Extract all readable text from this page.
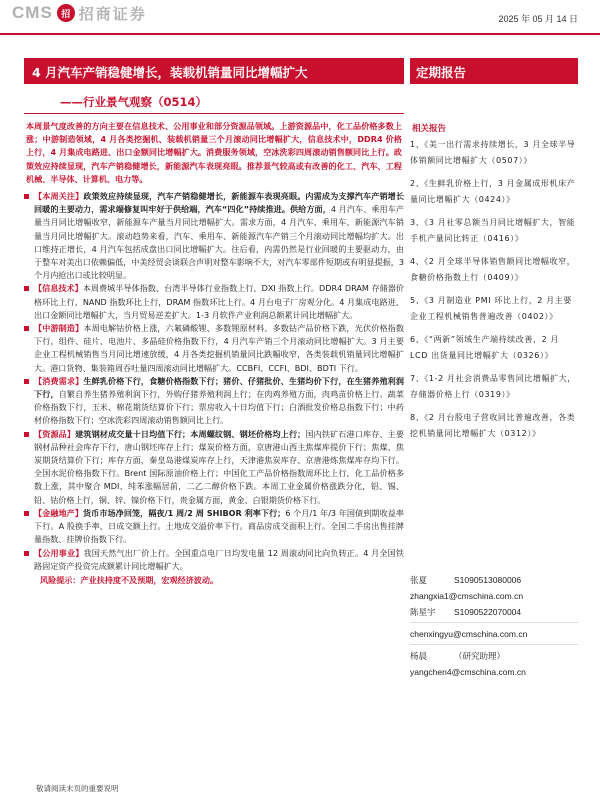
CMS 招 招商证券	2025 年 05 月 14 日
4 月汽车产销稳健增长，装载机销量同比增幅扩大
——行业景气观察（0514）
定期报告
本周景气度改善的方向主要在信息技术、公用事业和部分资源品领域。上游资源品中，化工品价格多数上涨；中游制造领域，4 月各类挖掘机、装载机销量三个月滚动同比增幅扩大，信息技术中，DDR4 价格上行，4 月集成电路进、出口金额同比增幅扩大。消费服务领域，空冰洗彩四周滚动销售额同比上行。政策效应持续显现，汽车产销稳健增长，新能源汽车表现亮眼。推荐景气较高或有改善的化工、汽车、工程机械、半导体、计算机、电力等。
【本周关注】政策效应持续显现，汽车产销稳健增长，新能源车表现亮眼。内需成为支撑汽车产销增长回暖的主要动力，需求端修复叫牢好于供给端，汽车“四化”持续推进。供给方面，4 月汽车、乘用车产量当月同比增幅收窄，新能源车产量当月同比增幅扩大。需求方面，4 月汽车、乘用车、新能源汽车销量当月同比增幅扩大。滚动趋势来看，汽车、乘用车、新能源汽车产销三个月滚动同比增幅均扩大。出口维持正增长，4 月汽车包括成盘出口同比增幅扩大。往后看，内需仍然是行业回暖的主要驱动力，由于整车对美出口依赖偏低，中美经贸会谈联合声明对整车影响不大，对汽车零部件短期或有明显提振，3 个月内抢出口或比较明显。
【信息技术】本周费城半导体指数、台湾半导体行业指数上行，DXI 指数上行。DDR4 DRAM 存储器价格环比上行，NAND 指数环比上行，DRAM 指数环比上行。4 月台电子厂房观分化。4 月集成电路进、出口金额同比增幅扩大，当月贸易逆差扩大。1-3 月软件产业利润总额累计同比增幅扩大。
【中游制造】本周电解钴价格上涨，六氟磷酸锂、多数锂原材料、多数钴产品价格下跌，光伏价格指数下行，组件、硅片、电池片、多晶硅价格指数下行，4 月汽车产销三个月滚动同比增幅扩大。3 月主要企业工程机械销售当月同比增速放缓，4 月各类挖掘机销量同比跌幅收窄，各类装载机销量同比增幅扩大。港口货物、集装箱周吞吐量四周滚动同比增幅扩大。CCBFI、CCFI、BDI、BDTI 下行。
【消费需求】生鲜乳价格下行，食糖价格指数下行；猪价、仔猪批价、生猪均价下行，在生猪养殖利润下行，自繁自养生猪养殖利润下行，外购仔猪养殖利润上行；在肉鸡养殖方面，肉鸡苗价格上行。蔬菜价格指数下行，玉米、棉花期货结算价下行；票房收入十日均值下行；白酒批发价格总指数下行；中药材价格指数下行；空冰洗彩四周滚动销售额同比上行。
【资源品】建筑钢材成交量十日均值下行；本周螺纹钢、钢坯价格均上行；国内铁矿石港口库存、主要钢材品种社会库存下行，唐山钢坯库存上行；煤炭价格方面，京唐港山西主焦煤库提价下行；焦煤、焦炭期货结算价下行；库存方面，秦皇岛港煤炭库存上行，天津港焦炭库存、京唐港炼焦煤库存均下行。全国水泥价格指数下行。Brent 国际原油价格上行；中国化工产品价格指数周环比上行，化工品价格多数上涨，其中聚合 MDI、纯苯涨幅居前，二乙二醇价格下跌。本周工业金属价格涨跌分化，铝、锡、铅、钴价格上行，铜、锌、镍价格下行，贵金属方面，黄金、白银期货价格下行。
【金融地产】货币市场净回笼，隔夜/1 周/2 周 SHIBOR 利率下行；6 个月/1 年/3 年国债到期收益率下行。A 股换手率、日成交额上行。土地成交溢价率下行。商品房成交面积上行。全国二手房出售挂牌量指数、挂牌价指数下行。
【公用事业】我国天然气出厂价上行。全国重点电厂日均发电量 12 周滚动同比向负转正。4 月全国铁路固定资产投资完成额累计同比增幅扩大。
风险提示：产业扶持度不及预期，宏观经济波动。
相关报告
1、《美一出行需求持续增长，3 月全球半导体销额同比增幅扩大（0507）》
2、《生鲜乳价格上行，3 月金属成形机床产量同比增幅扩大（0424）》
3、《3 月社零总额当月同比增幅扩大，智能手机产量同比转正（0416）》
4、《2 月全球半导体销售额同比增幅收窄，食糖价格指数上行（0409）》
5、《3 月制造业 PMI 环比上行，2 月主要企业工程机械销售普遍改善（0402）》
6、《“两新”领域生产端持续改善，2 月 LCD 出货量同比增幅扩大（0326）》
7、《1-2 月社会消费品零售同比增幅扩大，存储器价格上行（0319）》
8、《2 月台股电子营收同比普遍改善，各类挖机销量同比增幅扩大（0312）》
张夏	S1090513080006
zhangxia1@cmschina.com.cn
陈星宇 S1090522070004
chenxingyu@cmschina.com.cn
杨晨	（研究助理）
yangchen4@cmschina.com.cn
敬请阅读末页的重要说明
